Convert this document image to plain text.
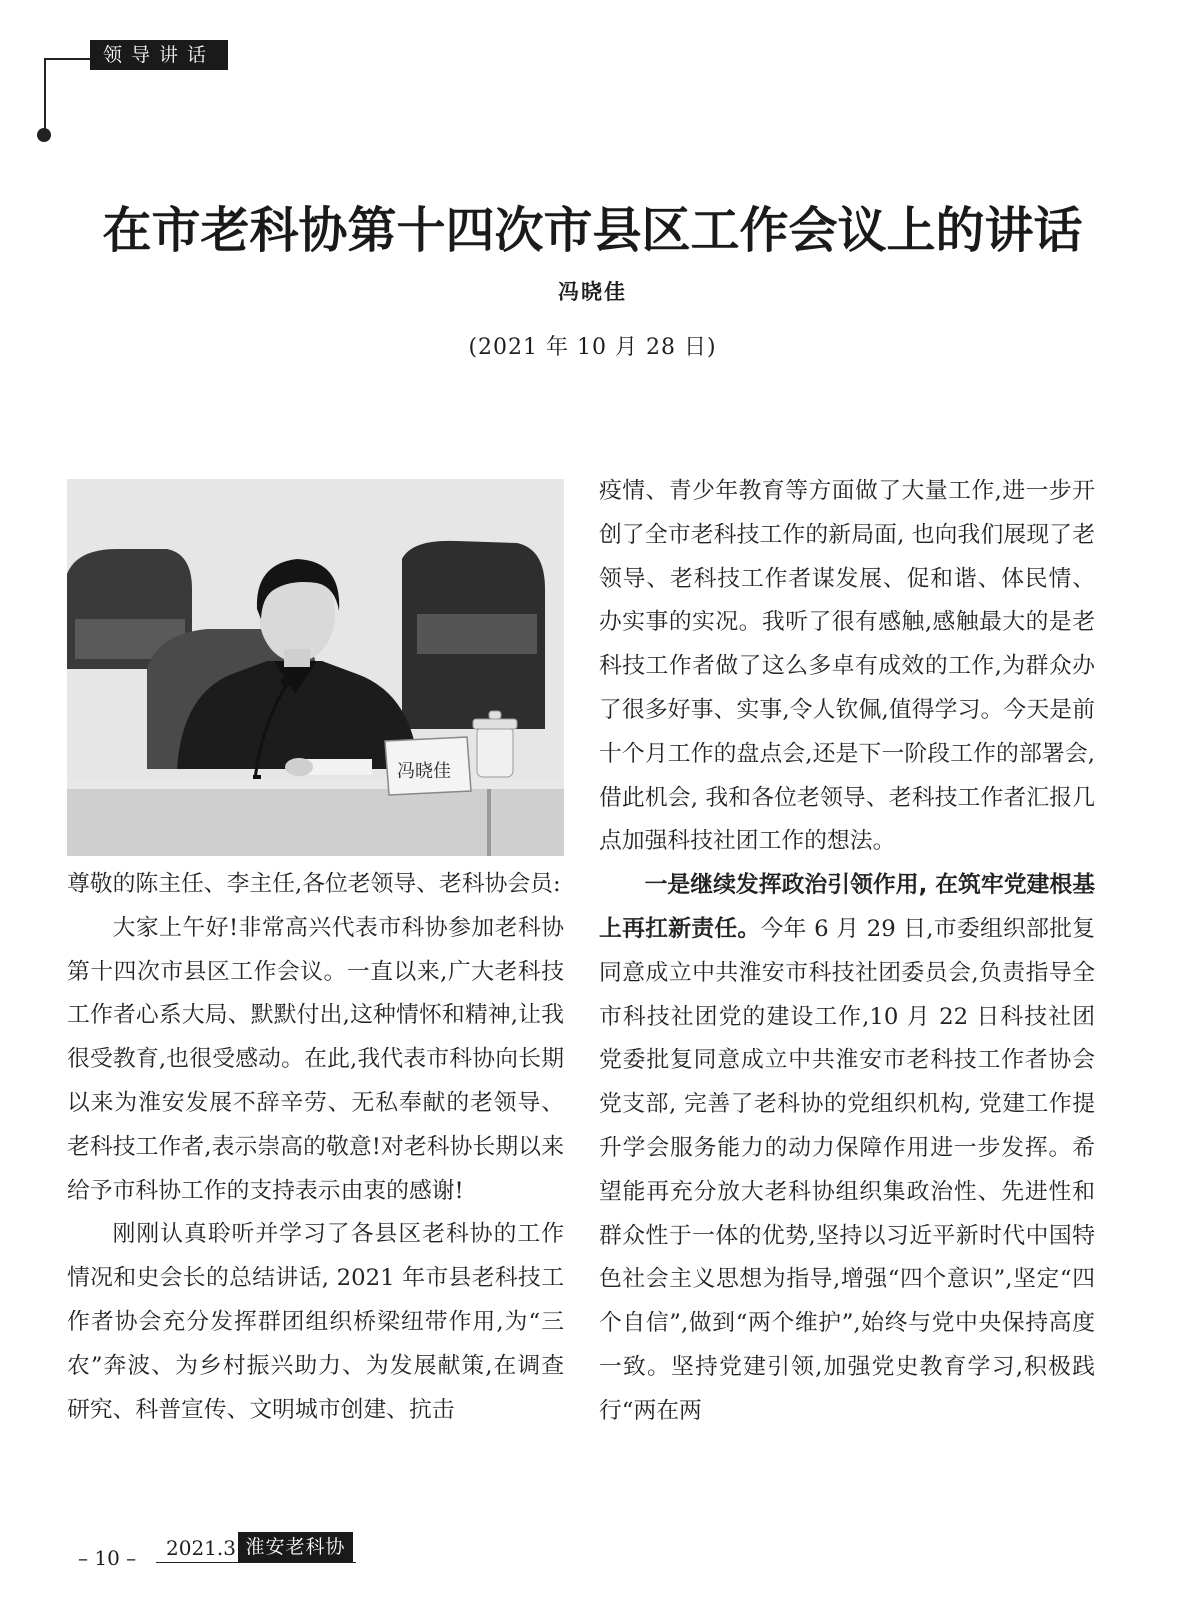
领导讲话
在市老科协第十四次市县区工作会议上的讲话
冯晓佳
(2021 年 10 月 28 日)
冯晓佳

尊敬的陈主任、李主任,各位老领导、老科协会员:

大家上午好!非常高兴代表市科协参加老科协第十四次市县区工作会议。一直以来,广大老科技工作者心系大局、默默付出,这种情怀和精神,让我很受教育,也很受感动。在此,我代表市科协向长期以来为淮安发展不辞辛劳、无私奉献的老领导、老科技工作者,表示崇高的敬意!对老科协长期以来给予市科协工作的支持表示由衷的感谢!

刚刚认真聆听并学习了各县区老科协的工作情况和史会长的总结讲话, 2021 年市县老科技工作者协会充分发挥群团组织桥梁纽带作用,为“三农”奔波、为乡村振兴助力、为发展献策,在调查研究、科普宣传、文明城市创建、抗击

疫情、青少年教育等方面做了大量工作,进一步开创了全市老科技工作的新局面, 也向我们展现了老领导、老科技工作者谋发展、促和谐、体民情、办实事的实况。我听了很有感触,感触最大的是老科技工作者做了这么多卓有成效的工作,为群众办了很多好事、实事,令人钦佩,值得学习。今天是前十个月工作的盘点会,还是下一阶段工作的部署会, 借此机会, 我和各位老领导、老科技工作者汇报几点加强科技社团工作的想法。

一是继续发挥政治引领作用, 在筑牢党建根基上再扛新责任。今年 6 月 29 日,市委组织部批复同意成立中共淮安市科技社团委员会,负责指导全市科技社团党的建设工作,10 月 22 日科技社团党委批复同意成立中共淮安市老科技工作者协会党支部, 完善了老科协的党组织机构, 党建工作提升学会服务能力的动力保障作用进一步发挥。希望能再充分放大老科协组织集政治性、先进性和群众性于一体的优势,坚持以习近平新时代中国特色社会主义思想为指导,增强“四个意识”,坚定“四个自信”,做到“两个维护”,始终与党中央保持高度一致。坚持党建引领,加强党史教育学习,积极践行“两在两

– 10 – 2021.3 淮安老科协
